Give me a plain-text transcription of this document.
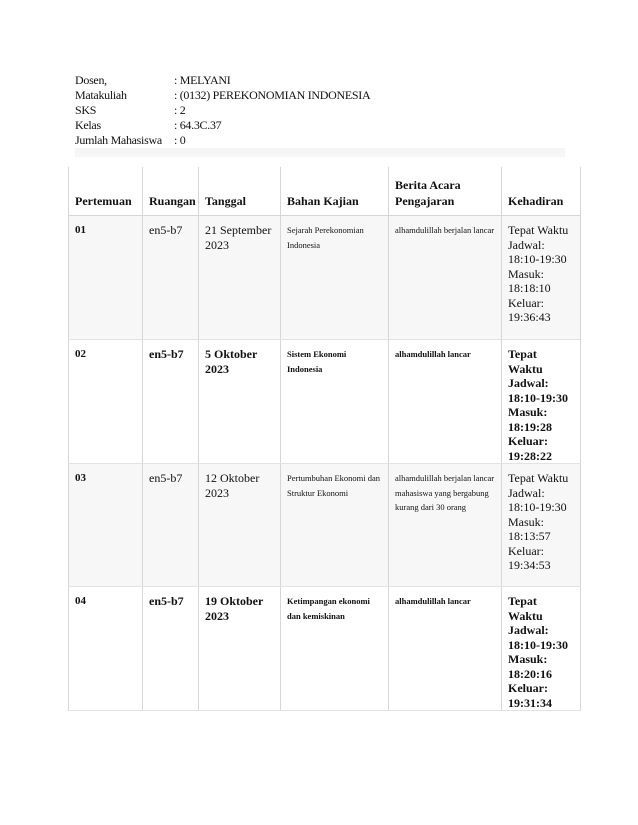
Dosen,	: MELYANI
Matakuliah	: (0132) PEREKONOMIAN INDONESIA
SKS	: 2
Kelas	: 64.3C.37
Jumlah Mahasiswa	: 0
Pertemuan	Ruangan	Tanggal	Bahan Kajian	Berita Acara Pengajaran	Kehadiran
01	en5-b7	21 September 2023	Sejarah Perekonomian Indonesia	alhamdulillah berjalan lancar	Tepat Waktu
Jadwal: 18:10-19:30
Masuk: 18:18:10
Keluar: 19:36:43

02	en5-b7	5 Oktober 2023	Sistem Ekonomi Indonesia	alhamdulillah lancar	Tepat Waktu
Jadwal: 18:10-19:30
Masuk: 18:19:28
Keluar: 19:28:22

03	en5-b7	12 Oktober 2023	Pertumbuhan Ekonomi dan Struktur Ekonomi	alhamdulillah berjalan lancar mahasiswa yang bergabung kurang dari 30 orang	Tepat Waktu
Jadwal: 18:10-19:30
Masuk: 18:13:57
Keluar: 19:34:53

04	en5-b7	19 Oktober 2023	Ketimpangan ekonomi dan kemiskinan	alhamdulillah lancar	Tepat Waktu
Jadwal: 18:10-19:30
Masuk: 18:20:16
Keluar: 19:31:34
